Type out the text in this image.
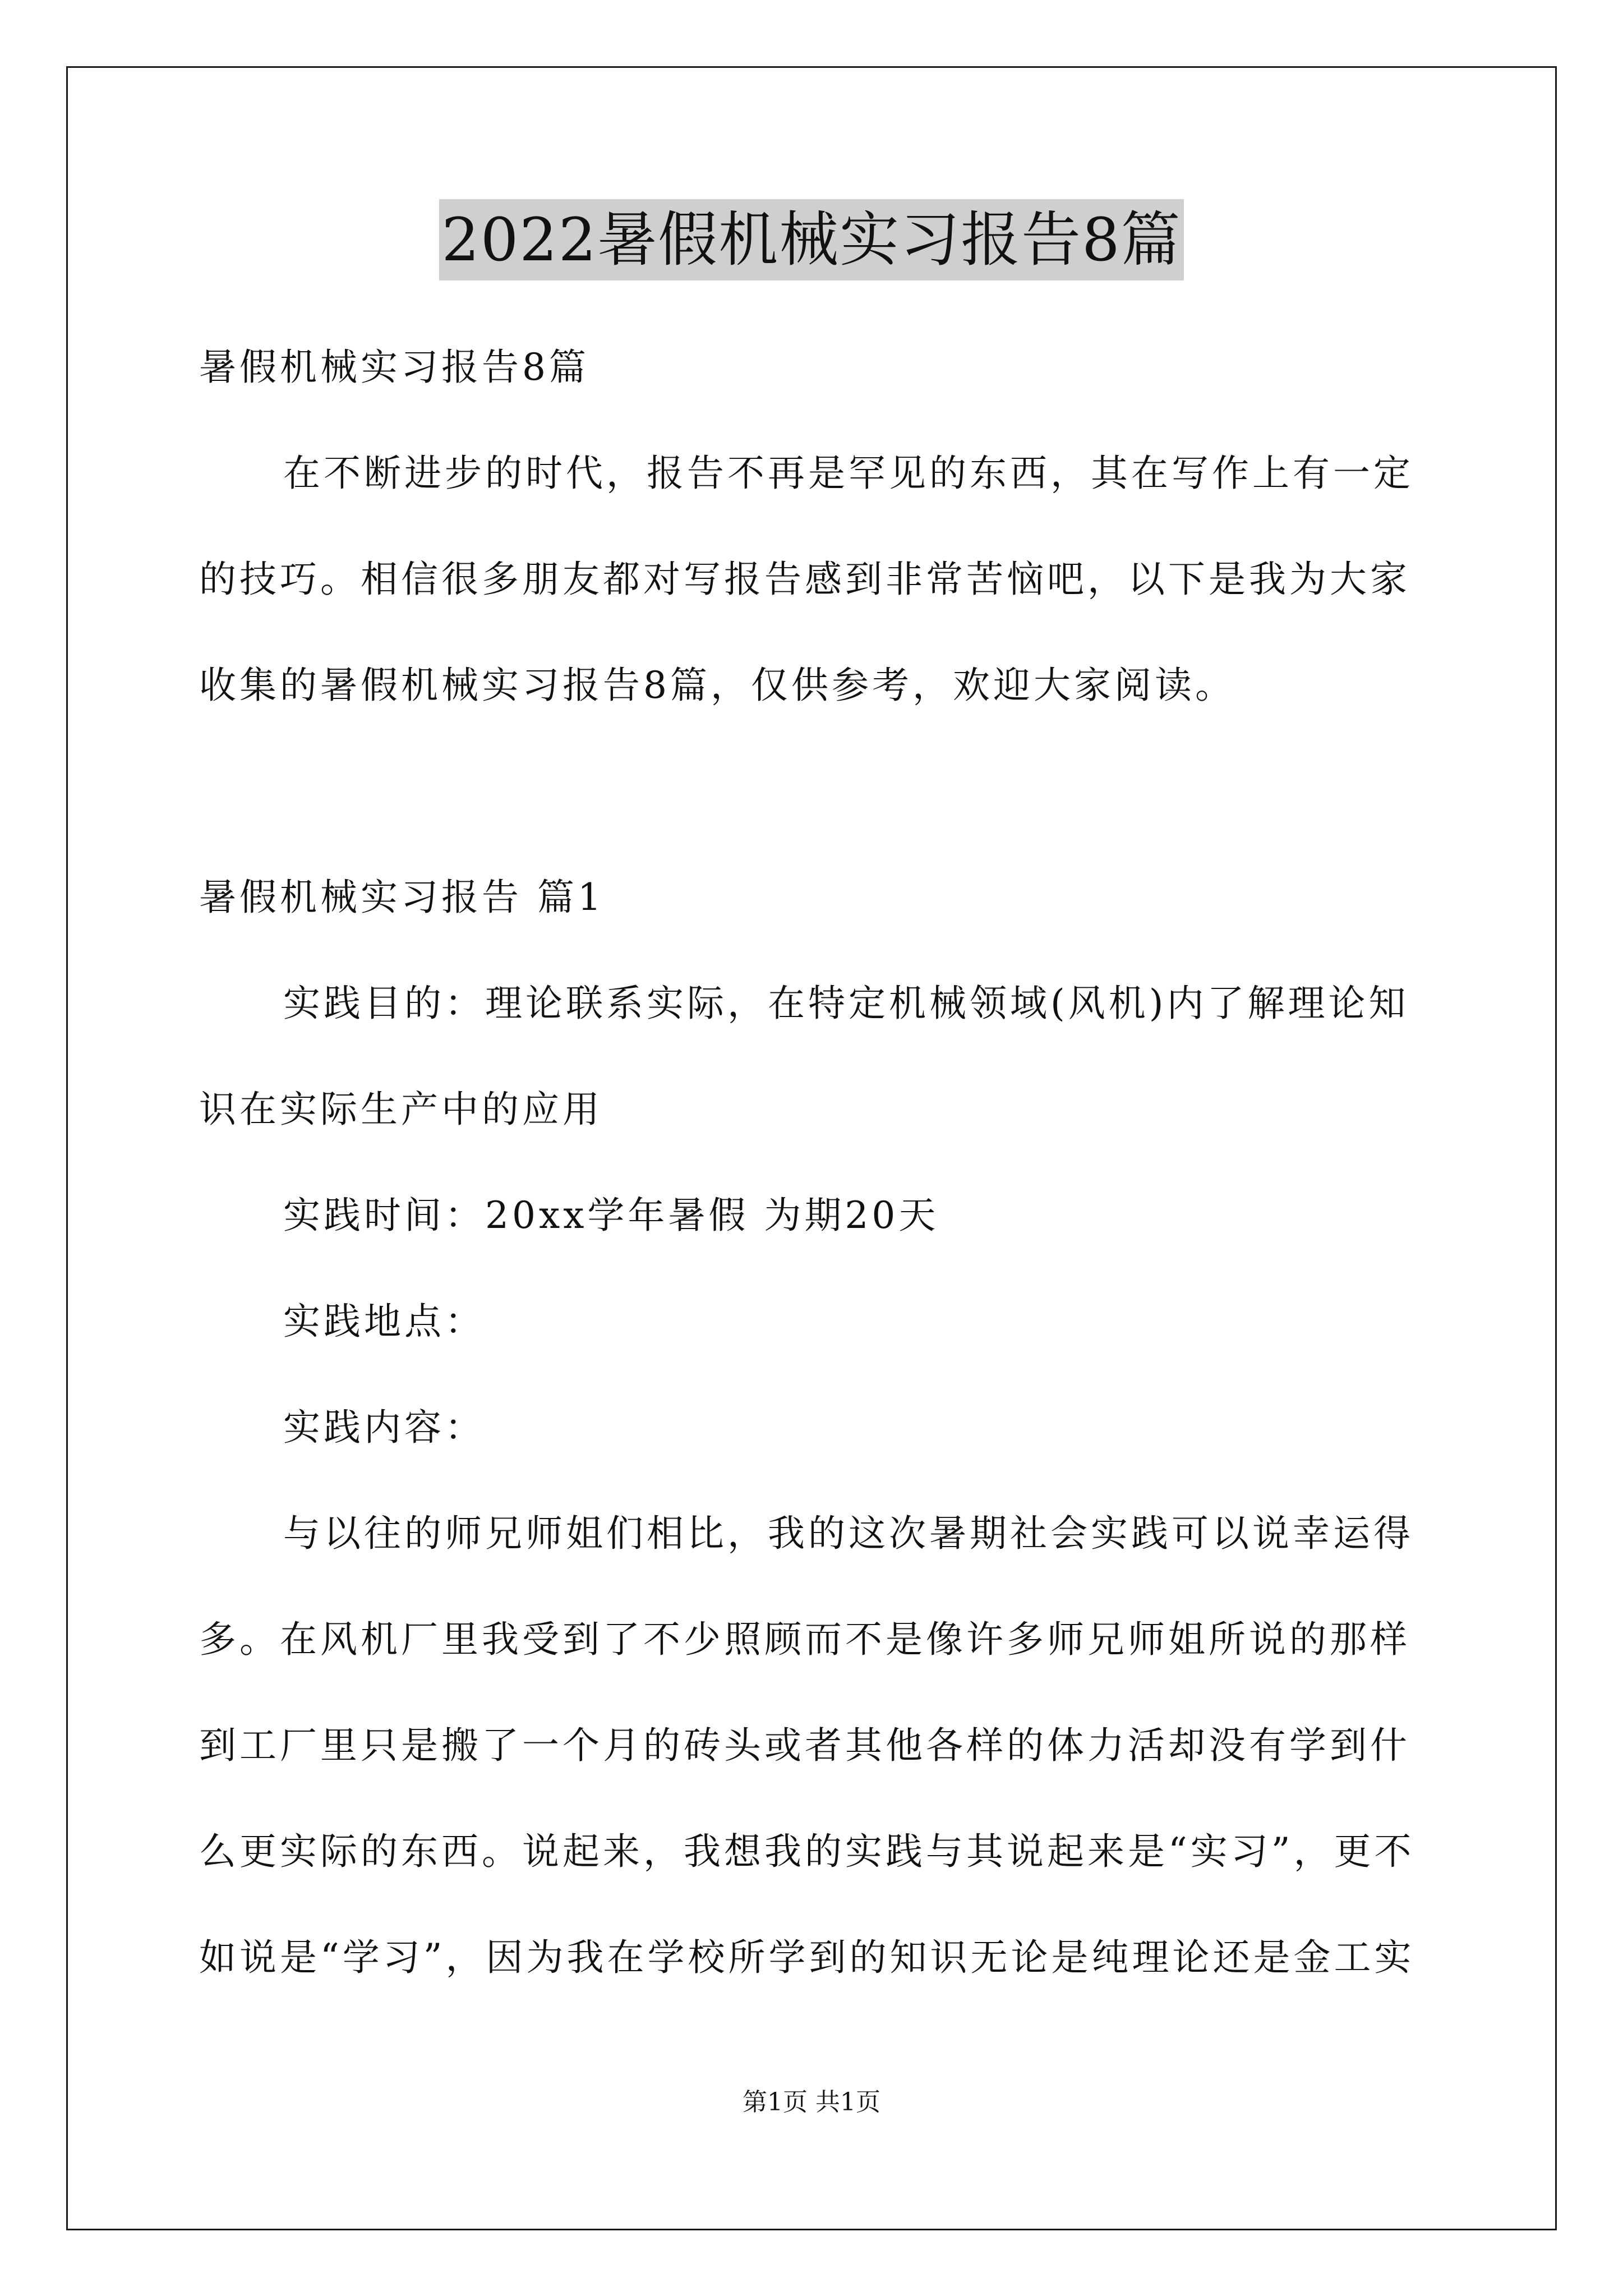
2022暑假机械实习报告8篇
暑假机械实习报告8篇
在不断进步的时代，报告不再是罕见的东西，其在写作上有一定
的技巧。相信很多朋友都对写报告感到非常苦恼吧，以下是我为大家
收集的暑假机械实习报告8篇，仅供参考，欢迎大家阅读。
暑假机械实习报告 篇1
实践目的：理论联系实际，在特定机械领域(风机)内了解理论知
识在实际生产中的应用
实践时间：20xx学年暑假 为期20天
实践地点：
实践内容：
与以往的师兄师姐们相比，我的这次暑期社会实践可以说幸运得
多。在风机厂里我受到了不少照顾而不是像许多师兄师姐所说的那样
到工厂里只是搬了一个月的砖头或者其他各样的体力活却没有学到什
么更实际的东西。说起来，我想我的实践与其说起来是“实习”，更不
如说是“学习”，因为我在学校所学到的知识无论是纯理论还是金工实
第1页 共1页
